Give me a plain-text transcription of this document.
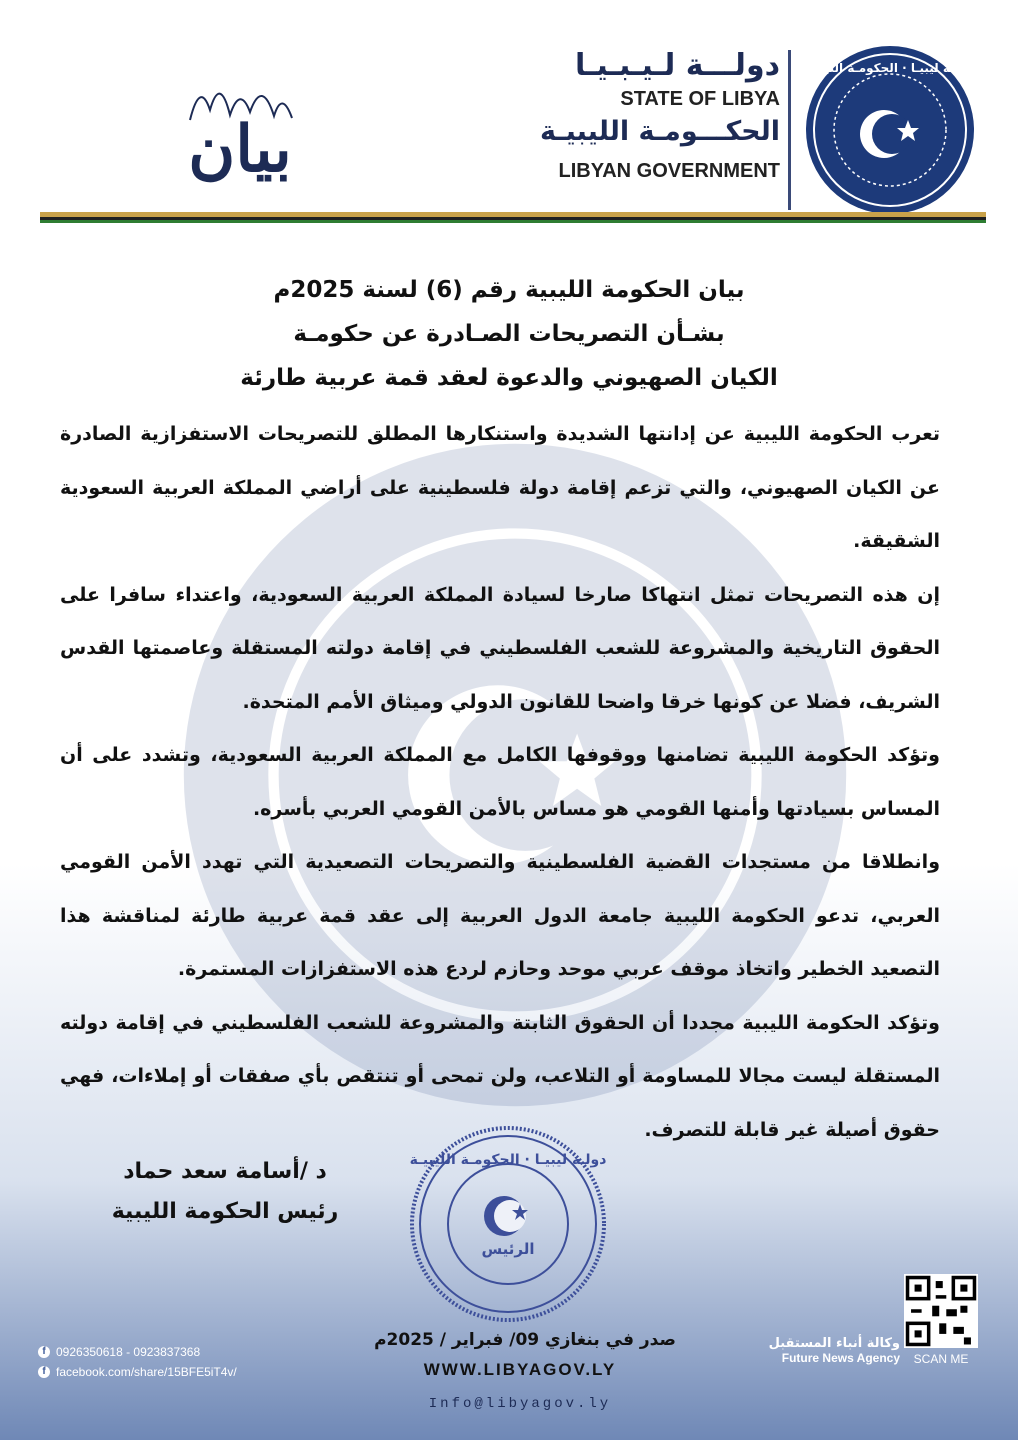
دولــة ليبيـا · الحكومـة الليبيـة
دولـــة لـيـبـيـا
STATE OF LIBYA
الحكـــومـة الليبيـة
LIBYAN GOVERNMENT
بيان
بيان الحكومة الليبية رقم (6) لسنة 2025م
بشـأن التصريحات الصـادرة عن حكومـة
الكيان الصهيوني والدعوة لعقد قمة عربية طارئة

تعرب الحكومة الليبية عن إدانتها الشديدة واستنكارها المطلق للتصريحات الاستفزازية الصادرة عن الكيان الصهيوني، والتي تزعم إقامة دولة فلسطينية على أراضي المملكة العربية السعودية الشقيقة.

إن هذه التصريحات تمثل انتهاكا صارخا لسيادة المملكة العربية السعودية، واعتداء سافرا على الحقوق التاريخية والمشروعة للشعب الفلسطيني في إقامة دولته المستقلة وعاصمتها القدس الشريف، فضلا عن كونها خرقا واضحا للقانون الدولي وميثاق الأمم المتحدة.

وتؤكد الحكومة الليبية تضامنها ووقوفها الكامل مع المملكة العربية السعودية، وتشدد على أن المساس بسيادتها وأمنها القومي هو مساس بالأمن القومي العربي بأسره.

وانطلاقا من مستجدات القضية الفلسطينية والتصريحات التصعيدية التي تهدد الأمن القومي العربي، تدعو الحكومة الليبية جامعة الدول العربية إلى عقد قمة عربية طارئة لمناقشة هذا التصعيد الخطير واتخاذ موقف عربي موحد وحازم لردع هذه الاستفزازات المستمرة.

وتؤكد الحكومة الليبية مجددا أن الحقوق الثابتة والمشروعة للشعب الفلسطيني في إقامة دولته المستقلة ليست مجالا للمساومة أو التلاعب، ولن تمحى أو تنتقص بأي صفقات أو إملاءات، فهي حقوق أصيلة غير قابلة للتصرف.

د /أسامة سعد حماد
رئيس الحكومة الليبية
دولـة ليبيـا · الحكومـة الليبيـة
الرئيس
صدر في بنغازي 09/ فبراير / 2025م
WWW.LIBYAGOV.LY
Info@libyagov.ly
f 0926350618 - 0923837368
f facebook.com/share/15BFE5iT4v/
وكالة أنباء المستقبل
Future News Agency	SCAN ME
